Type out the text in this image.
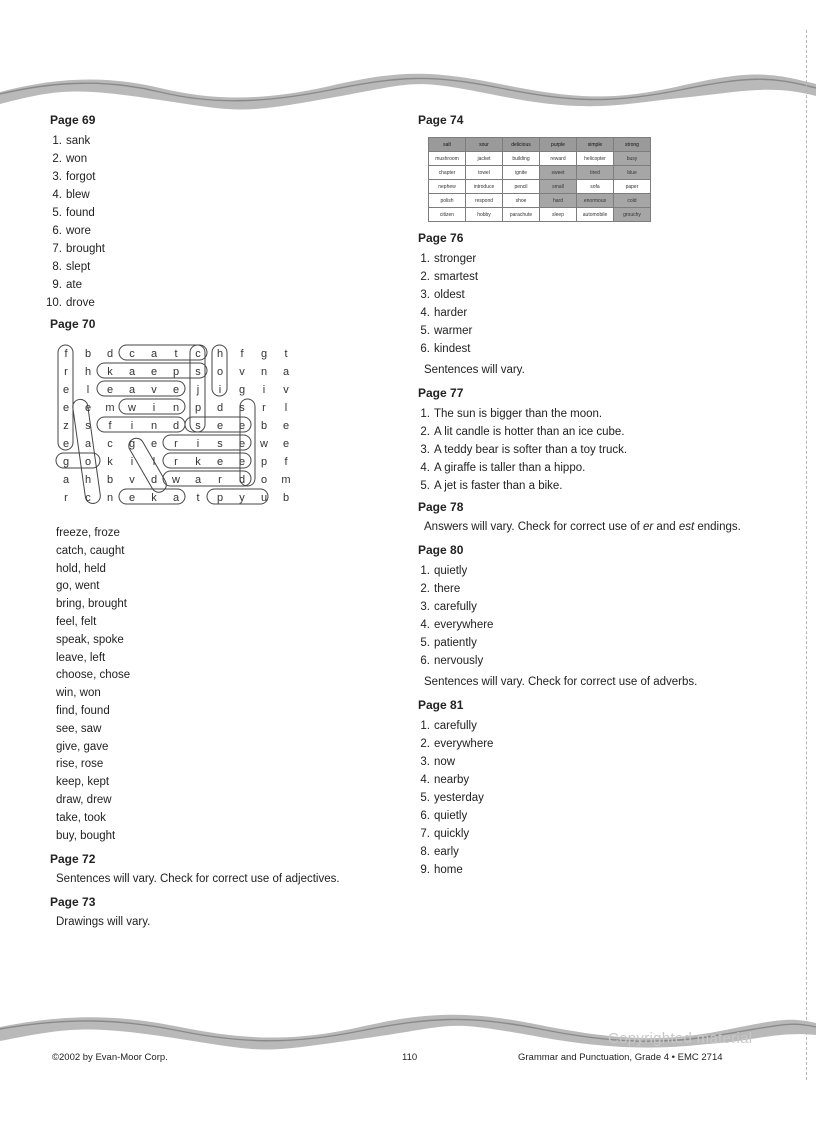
Page 69
1. sank
2. won
3. forgot
4. blew
5. found
6. wore
7. brought
8. slept
9. ate
10. drove
Page 70
f b d c a t c h f g t
r h k a e p s o v n a
e l e a v e j i g i v
e e m w i n p d s r l
z s f i n d s e e b e
e a c g e r i s e w e
g o k i l r k e e p f
a h b v d w a r d o m
r c n e k a t p y u b
freeze, froze
catch, caught
hold, held
go, went
bring, brought
feel, felt
speak, spoke
leave, left
choose, chose
win, won
find, found
see, saw
give, gave
rise, rose
keep, kept
draw, drew
take, took
buy, bought
Page 72
Sentences will vary. Check for correct use of adjectives.
Page 73
Drawings will vary.
Page 74
salt	sour	delicious	purple	simple	strong
mushroom	jacket	building	reward	helicopter	busy
chapter	towel	ignite	sweet	tired	blue
nephew	introduce	pencil	small	sofa	paper
polish	respond	shoe	hard	enormous	cold
citizen	hobby	parachute	sleep	automobile	grouchy
Page 76
1. stronger
2. smartest
3. oldest
4. harder
5. warmer
6. kindest
Sentences will vary.
Page 77
1. The sun is bigger than the moon.
2. A lit candle is hotter than an ice cube.
3. A teddy bear is softer than a toy truck.
4. A giraffe is taller than a hippo.
5. A jet is faster than a bike.
Page 78
Answers will vary. Check for correct use of er and est endings.
Page 80
1. quietly
2. there
3. carefully
4. everywhere
5. patiently
6. nervously
Sentences will vary. Check for correct use of adverbs.
Page 81
1. carefully
2. everywhere
3. now
4. nearby
5. yesterday
6. quietly
7. quickly
8. early
9. home
Copyrighted material
©2002 by Evan-Moor Corp.	110	Grammar and Punctuation, Grade 4 • EMC 2714
